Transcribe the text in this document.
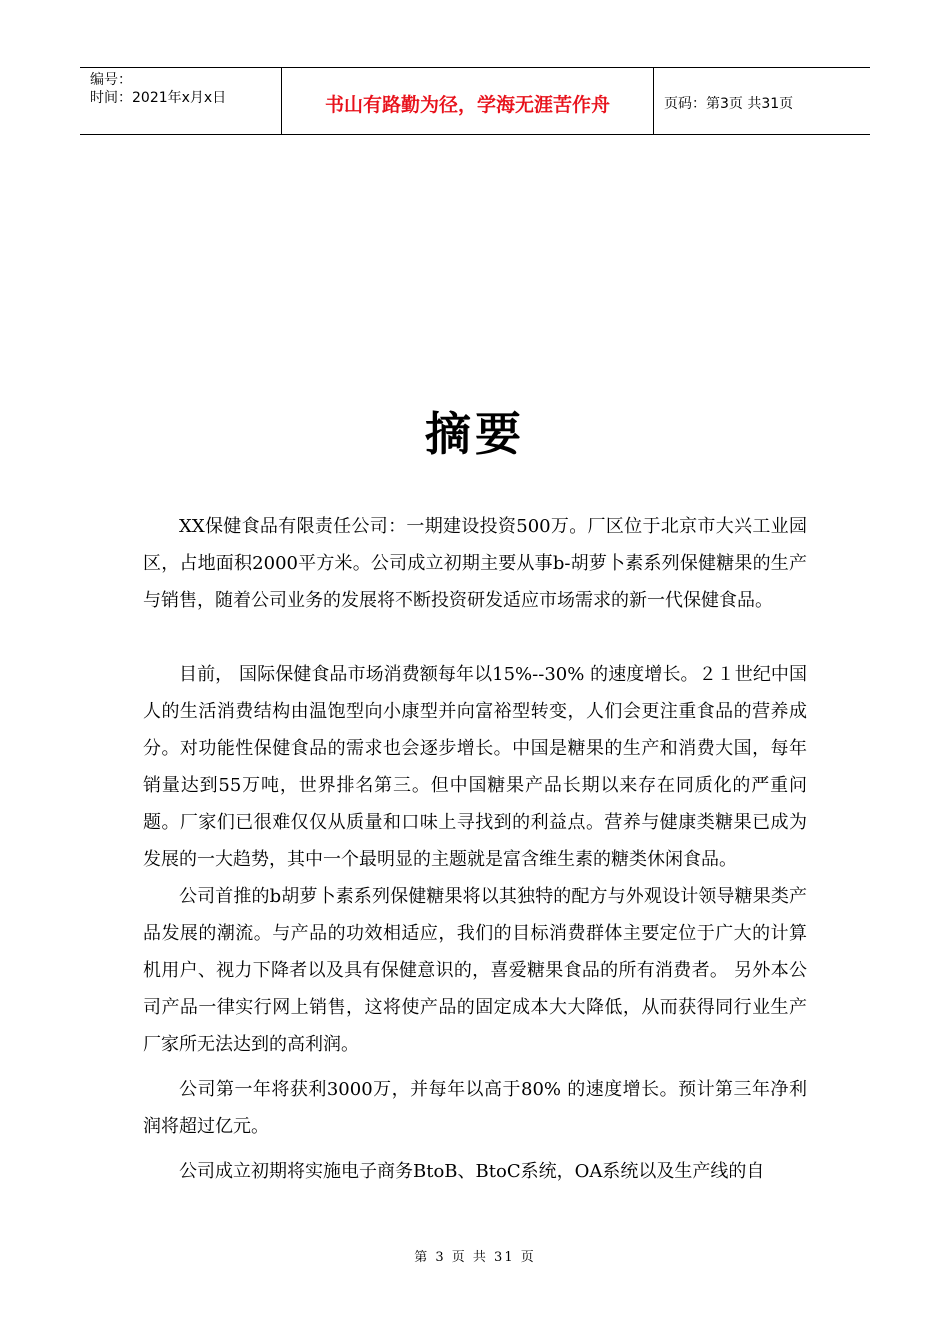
编号：
时间：2021年x月x日	书山有路勤为径，学海无涯苦作舟	页码：第3页 共31页
摘要

XX保健食品有限责任公司：一期建设投资500万。厂区位于北京市大兴工业园区，占地面积2000平方米。公司成立初期主要从事b-胡萝卜素系列保健糖果的生产与销售，随着公司业务的发展将不断投资研发适应市场需求的新一代保健食品。

目前， 国际保健食品市场消费额每年以15%--30% 的速度增长。２１世纪中国人的生活消费结构由温饱型向小康型并向富裕型转变，人们会更注重食品的营养成分。对功能性保健食品的需求也会逐步增长。中国是糖果的生产和消费大国，每年销量达到55万吨，世界排名第三。但中国糖果产品长期以来存在同质化的严重问题。厂家们已很难仅仅从质量和口味上寻找到的利益点。营养与健康类糖果已成为发展的一大趋势，其中一个最明显的主题就是富含维生素的糖类休闲食品。

公司首推的b胡萝卜素系列保健糖果将以其独特的配方与外观设计领导糖果类产品发展的潮流。与产品的功效相适应，我们的目标消费群体主要定位于广大的计算机用户、视力下降者以及具有保健意识的，喜爱糖果食品的所有消费者。 另外本公司产品一律实行网上销售，这将使产品的固定成本大大降低，从而获得同行业生产厂家所无法达到的高利润。

公司第一年将获利3000万，并每年以高于80% 的速度增长。预计第三年净利润将超过亿元。

公司成立初期将实施电子商务BtoB、BtoC系统，OA系统以及生产线的自

第 3 页 共 31 页
